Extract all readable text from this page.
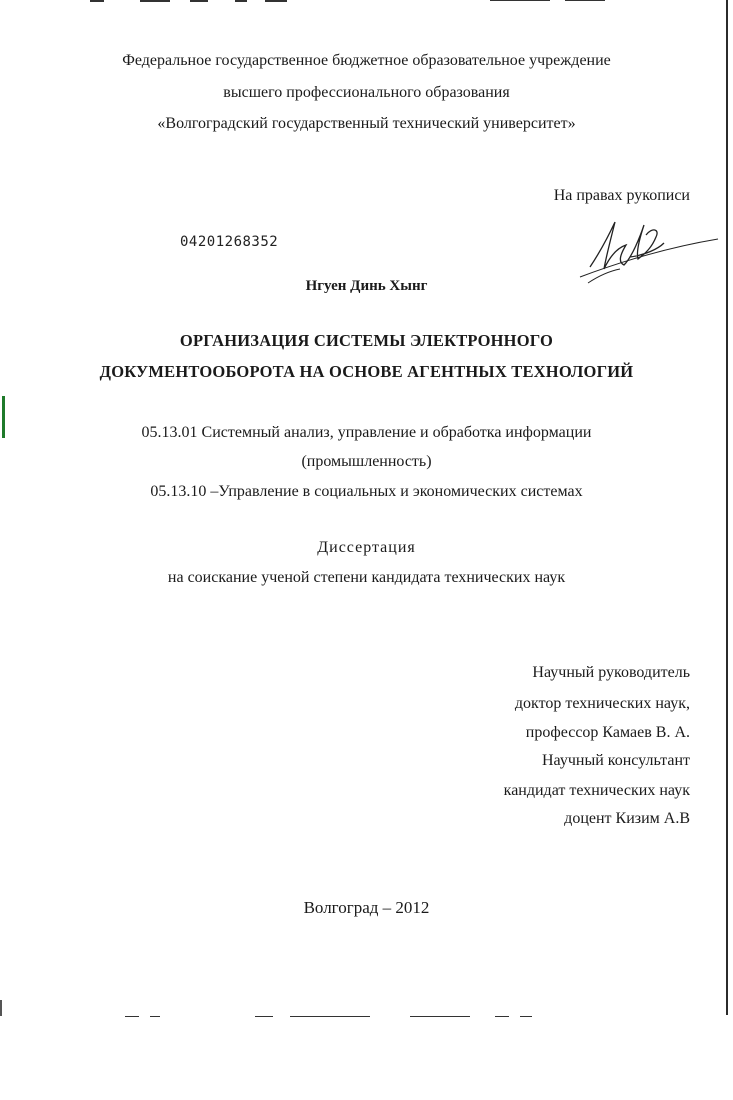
Федеральное государственное бюджетное образовательное учреждение
высшего профессионального образования
«Волгоградский государственный технический университет»
На правах рукописи
04201268352
Нгуен Динь Хынг
ОРГАНИЗАЦИЯ СИСТЕМЫ ЭЛЕКТРОННОГО
ДОКУМЕНТООБОРОТА НА ОСНОВЕ АГЕНТНЫХ ТЕХНОЛОГИЙ
05.13.01 Системный анализ, управление и обработка информации
(промышленность)
05.13.10 –Управление в социальных и экономических системах
Диссертация
на соискание ученой степени кандидата технических наук
Научный руководитель
доктор технических наук,
профессор Камаев В. А.
Научный консультант
кандидат технических наук
доцент Кизим А.В
Волгоград – 2012
